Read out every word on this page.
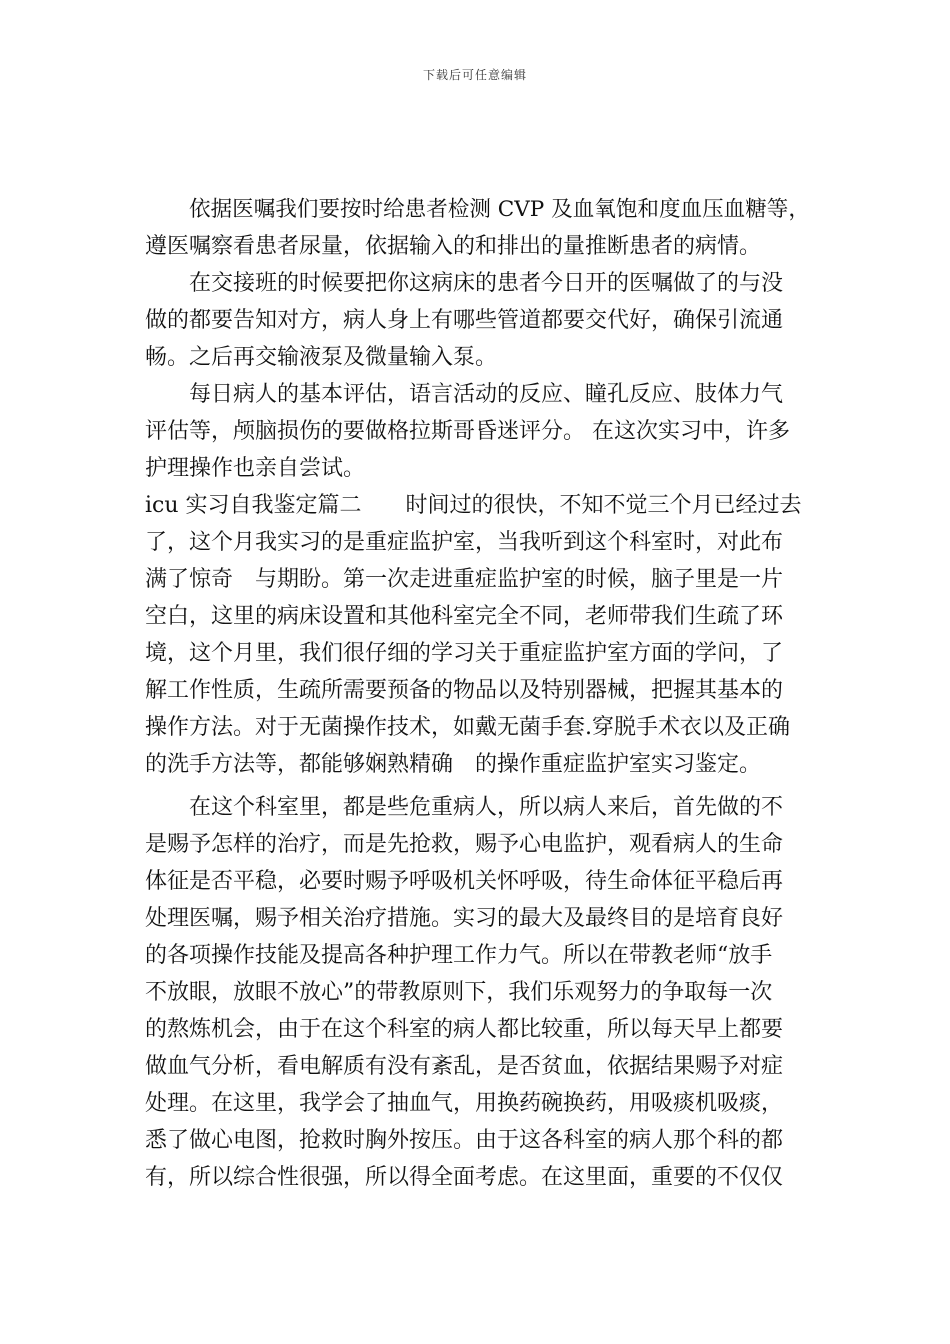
下载后可任意编辑
依据医嘱我们要按时给患者检测 CVP 及血氧饱和度血压血糖等，
遵医嘱察看患者尿量，依据输入的和排出的量推断患者的病情。
在交接班的时候要把你这病床的患者今日开的医嘱做了的与没
做的都要告知对方，病人身上有哪些管道都要交代好，确保引流通
畅。之后再交输液泵及微量输入泵。
每日病人的基本评估，语言活动的反应、瞳孔反应、肢体力气
评估等，颅脑损伤的要做格拉斯哥昏迷评分。 在这次实习中，许多
护理操作也亲自尝试。
icu 实习自我鉴定篇二　　时间过的很快，不知不觉三个月已经过去
了，这个月我实习的是重症监护室，当我听到这个科室时，对此布
满了惊奇　与期盼。第一次走进重症监护室的时候，脑子里是一片
空白，这里的病床设置和其他科室完全不同，老师带我们生疏了环
境，这个月里，我们很仔细的学习关于重症监护室方面的学问，了
解工作性质，生疏所需要预备的物品以及特别器械，把握其基本的
操作方法。对于无菌操作技术，如戴无菌手套.穿脱手术衣以及正确
的洗手方法等，都能够娴熟精确　的操作重症监护室实习鉴定。
在这个科室里，都是些危重病人，所以病人来后，首先做的不
是赐予怎样的治疗，而是先抢救，赐予心电监护，观看病人的生命
体征是否平稳，必要时赐予呼吸机关怀呼吸，待生命体征平稳后再
处理医嘱，赐予相关治疗措施。实习的最大及最终目的是培育良好
的各项操作技能及提高各种护理工作力气。所以在带教老师“放手
不放眼，放眼不放心”的带教原则下，我们乐观努力的争取每一次
的熬炼机会，由于在这个科室的病人都比较重，所以每天早上都要
做血气分析，看电解质有没有紊乱，是否贫血，依据结果赐予对症
处理。在这里，我学会了抽血气，用换药碗换药，用吸痰机吸痰，
悉了做心电图，抢救时胸外按压。由于这各科室的病人那个科的都
有，所以综合性很强，所以得全面考虑。在这里面，重要的不仅仅
